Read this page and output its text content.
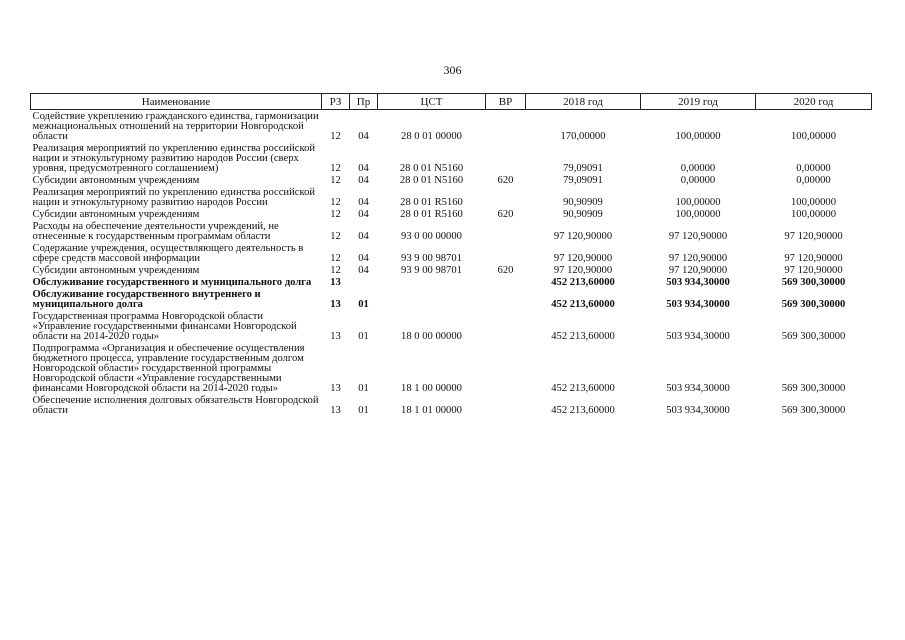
306
Наименование	РЗ	Пр	ЦСТ	ВР	2018 год	2019 год	2020 год
Содействие укреплению гражданского единства, гармонизации межнациональных отношений на территории Новгородской области	12	04	28 0 01 00000		170,00000	100,00000	100,00000
Реализация мероприятий по укреплению единства российской нации и этнокультурному развитию народов России (сверх уровня, предусмотренного соглашением)	12	04	28 0 01 N5160		79,09091	0,00000	0,00000
Субсидии автономным учреждениям	12	04	28 0 01 N5160	620	79,09091	0,00000	0,00000
Реализация мероприятий по укреплению единства российской нации и этнокультурному развитию народов России	12	04	28 0 01 R5160		90,90909	100,00000	100,00000
Субсидии автономным учреждениям	12	04	28 0 01 R5160	620	90,90909	100,00000	100,00000
Расходы на обеспечение деятельности учреждений, не отнесенные к государственным программам области	12	04	93 0 00 00000		97 120,90000	97 120,90000	97 120,90000
Содержание учреждения, осуществляющего деятельность в сфере средств массовой информации	12	04	93 9 00 98701		97 120,90000	97 120,90000	97 120,90000
Субсидии автономным учреждениям	12	04	93 9 00 98701	620	97 120,90000	97 120,90000	97 120,90000
Обслуживание государственного и муниципального долга	13				452 213,60000	503 934,30000	569 300,30000
Обслуживание государственного внутреннего и муниципального долга	13	01			452 213,60000	503 934,30000	569 300,30000
Государственная программа Новгородской области «Управление государственными финансами Новгородской области на 2014-2020 годы»	13	01	18 0 00 00000		452 213,60000	503 934,30000	569 300,30000
Подпрограмма «Организация и обеспечение осуществления бюджетного процесса, управление государственным долгом Новгородской области» государственной программы Новгородской области «Управление государственными финансами Новгородской области на 2014-2020 годы»	13	01	18 1 00 00000		452 213,60000	503 934,30000	569 300,30000
Обеспечение исполнения долговых обязательств Новгородской области	13	01	18 1 01 00000		452 213,60000	503 934,30000	569 300,30000
